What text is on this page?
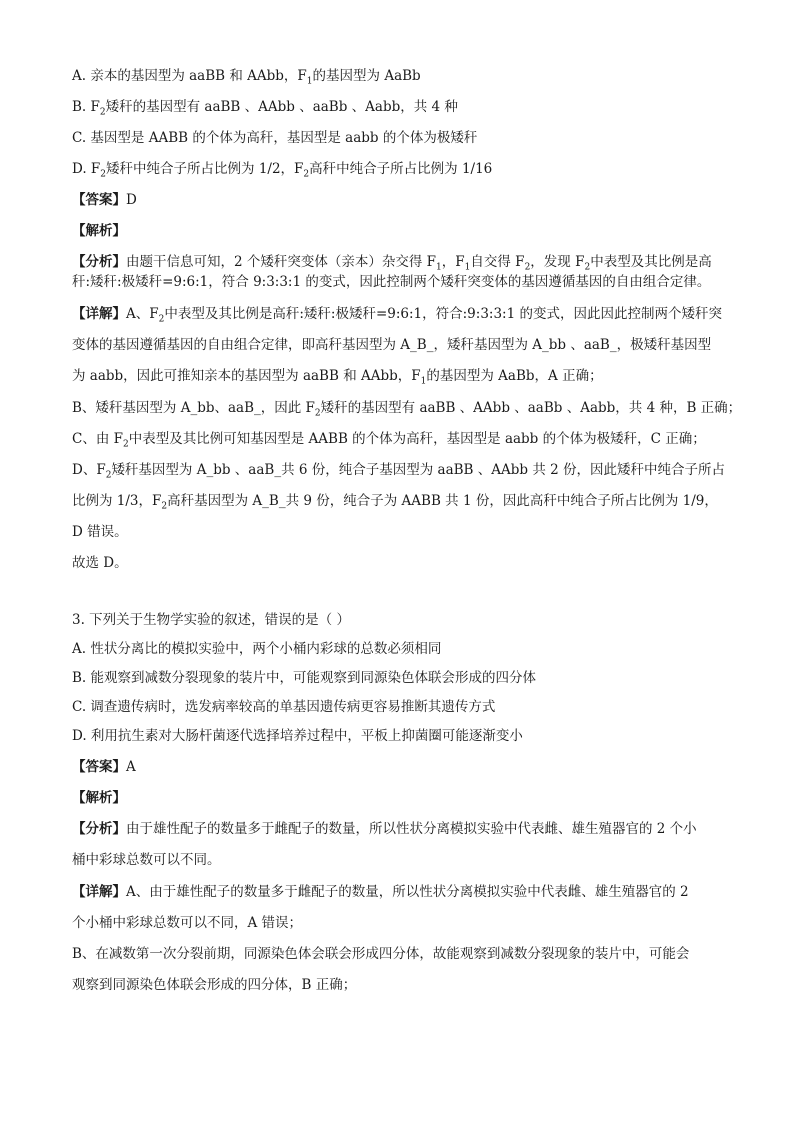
A. 亲本的基因型为 aaBB 和 AAbb，$F_1$的基因型为 AaBb
B. $F_2$矮秆的基因型有 aaBB 、AAbb 、aaBb 、Aabb，共 4 种
C. 基因型是 AABB 的个体为高秆，基因型是 aabb 的个体为极矮秆
D. $F_2$矮秆中纯合子所占比例为 1/2，$F_2$高秆中纯合子所占比例为 1/16
【答案】D
【解析】
【分析】由题干信息可知，2 个矮秆突变体（亲本）杂交得 $F_1$，$F_1$自交得 $F_2$，发现 $F_2$中表型及其比例是高
秆:矮秆:极矮秆=9:6:1，符合 9:3:3:1 的变式，因此控制两个矮秆突变体的基因遵循基因的自由组合定律。
【详解】A、$F_2$中表型及其比例是高秆:矮秆:极矮秆=9:6:1，符合:9:3:3:1 的变式，因此因此控制两个矮秆突
变体的基因遵循基因的自由组合定律，即高秆基因型为 A_B_，矮秆基因型为 A_bb 、aaB_，极矮秆基因型
为 aabb，因此可推知亲本的基因型为 aaBB 和 AAbb，$F_1$的基因型为 AaBb，A 正确；
B、矮秆基因型为 A_bb、aaB_，因此 $F_2$矮秆的基因型有 aaBB 、AAbb 、aaBb 、Aabb，共 4 种，B 正确；
C、由 $F_2$中表型及其比例可知基因型是 AABB 的个体为高秆，基因型是 aabb 的个体为极矮秆，C 正确；
D、$F_2$矮秆基因型为 A_bb 、aaB_共 6 份，纯合子基因型为 aaBB 、AAbb 共 2 份，因此矮秆中纯合子所占
比例为 1/3，$F_2$高秆基因型为 A_B_共 9 份，纯合子为 AABB 共 1 份，因此高秆中纯合子所占比例为 1/9，
D 错误。
故选 D。
3. 下列关于生物学实验的叙述，错误的是（ ）
A. 性状分离比的模拟实验中，两个小桶内彩球的总数必须相同
B. 能观察到减数分裂现象的装片中，可能观察到同源染色体联会形成的四分体
C. 调查遗传病时，选发病率较高的单基因遗传病更容易推断其遗传方式
D. 利用抗生素对大肠杆菌逐代选择培养过程中，平板上抑菌圈可能逐渐变小
【答案】A
【解析】
【分析】由于雄性配子的数量多于雌配子的数量，所以性状分离模拟实验中代表雌、雄生殖器官的 2 个小
桶中彩球总数可以不同。
【详解】A、由于雄性配子的数量多于雌配子的数量，所以性状分离模拟实验中代表雌、雄生殖器官的 2
个小桶中彩球总数可以不同，A 错误；
B、在减数第一次分裂前期，同源染色体会联会形成四分体，故能观察到减数分裂现象的装片中，可能会
观察到同源染色体联会形成的四分体，B 正确；
